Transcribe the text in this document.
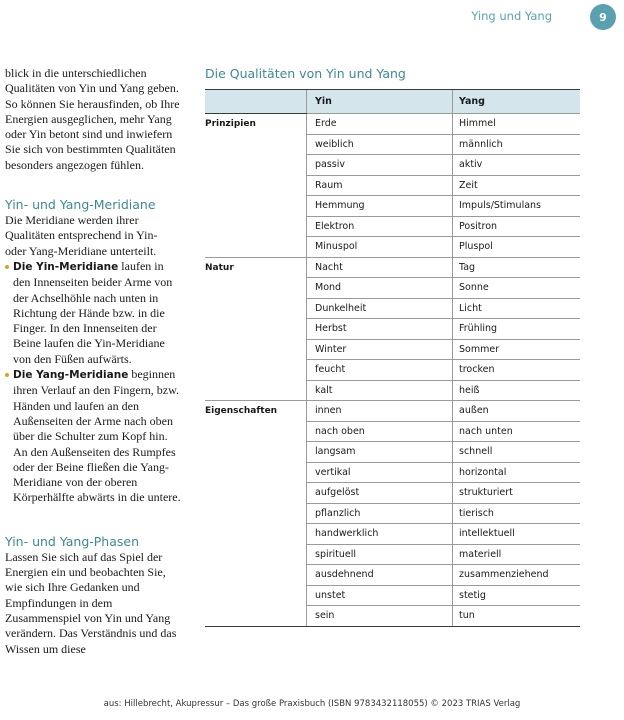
Ying und Yang	9

blick in die unterschiedlichen Qualitäten von Yin und Yang geben. So können Sie herausfinden, ob Ihre Energien ausgeglichen, mehr Yang oder Yin betont sind und inwiefern Sie sich von bestimmten Qualitäten besonders angezogen fühlen.

Yin- und Yang-Meridiane

Die Meridiane werden ihrer Qualitäten entsprechend in Yin- oder Yang-Meridiane unterteilt.

Die Yin-Meridiane laufen in den Innenseiten beider Arme von der Achselhöhle nach unten in Richtung der Hände bzw. in die Finger. In den Innenseiten der Beine laufen die Yin-Meridiane von den Füßen aufwärts.
Die Yang-Meridiane beginnen ihren Verlauf an den Fingern, bzw. Händen und laufen an den Außenseiten der Arme nach oben über die Schulter zum Kopf hin. An den Außenseiten des Rumpfes oder der Beine fließen die Yang-Meridiane von der oberen Körperhälfte abwärts in die untere.
Yin- und Yang-Phasen

Lassen Sie sich auf das Spiel der Energien ein und beobachten Sie, wie sich Ihre Gedanken und Empfindungen in dem Zusammenspiel von Yin und Yang verändern. Das Verständnis und das Wissen um diese

Die Qualitäten von Yin und Yang
	Yin	Yang
Prinzipien	Erde	Himmel
	weiblich	männlich
	passiv	aktiv
	Raum	Zeit
	Hemmung	Impuls/Stimulans
	Elektron	Positron
	Minuspol	Pluspol
Natur	Nacht	Tag
	Mond	Sonne
	Dunkelheit	Licht
	Herbst	Frühling
	Winter	Sommer
	feucht	trocken
	kalt	heiß
Eigenschaften	innen	außen
	nach oben	nach unten
	langsam	schnell
	vertikal	horizontal
	aufgelöst	strukturiert
	pflanzlich	tierisch
	handwerklich	intellektuell
	spirituell	materiell
	ausdehnend	zusammenziehend
	unstet	stetig
	sein	tun
aus: Hillebrecht, Akupressur – Das große Praxisbuch (ISBN 9783432118055) © 2023 TRIAS Verlag
